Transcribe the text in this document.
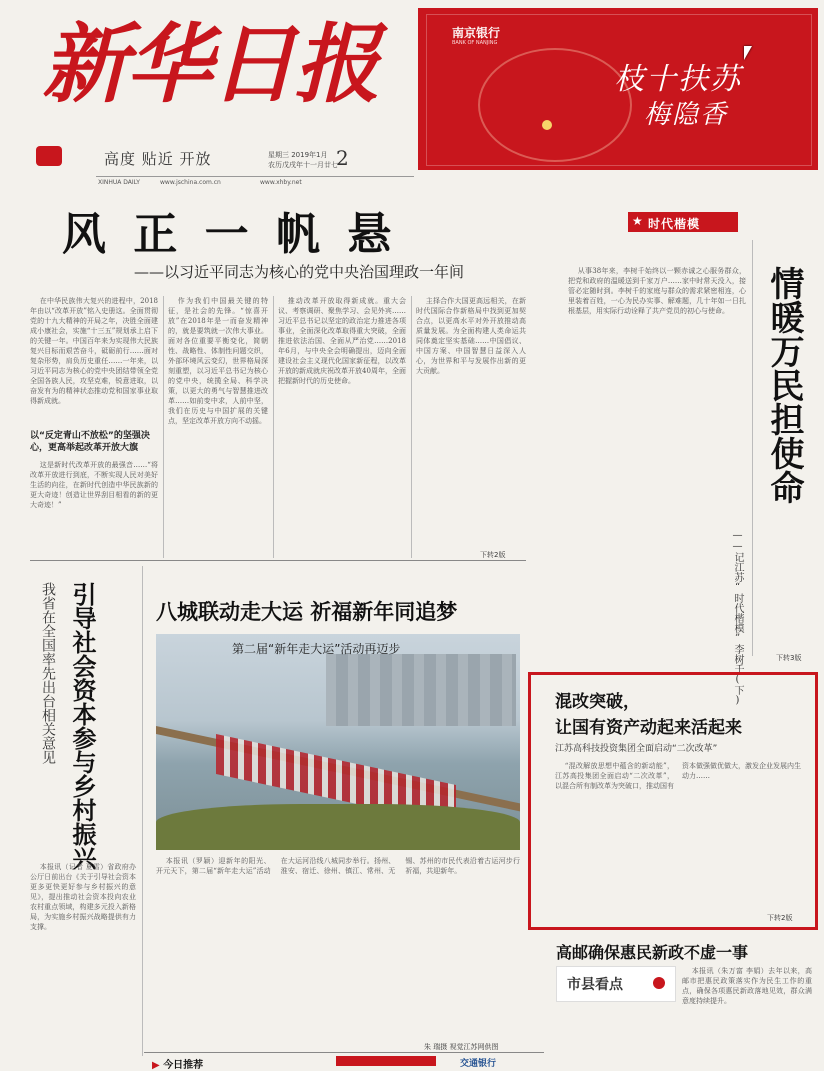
新华日报
高度 贴近 开放	星期三 2019年1月
农历戊戌年十一月廿七
2
XINHUA DAILY	www.jschina.com.cn	www.xhby.net
南京银行
BANK OF NANJING
枝十扶苏
梅隐香
风 正 一 帆 悬
——以习近平同志为核心的党中央治国理政一年间

在中华民族伟大复兴的进程中，2018年由以“改革开放”铭入史册这。全面贯彻党的十九大精神的开局之年，决胜全面建成小康社会，实施“十三五”规划承上启下的关键一年。中国百年来为实现伟大民族复兴目标而艰苦奋斗，砥砺前行……面对复杂形势，肩负历史重任……一年来，以习近平同志为核心的党中央团结带领全党全国各族人民，攻坚克难，锐意进取，以奋发有为的精神状态推动党和国家事业取得新成就。

以“反定青山不放松”的坚强决心，更高举起改革开放大旗

这是新时代改革开放的最强音……“将改革开放进行到底，不断实现人民对美好生活的向往，在新时代创造中华民族新的更大奇迹！创造让世界刮目相看的新的更大奇迹！”

作为我们中国最关键的特征，是社会的先锋。“惊喜开放”在2018年是一而奋发精神的，就是要筑就一次伟大事业。面对各位重要平衡变化，简朝性、战略性、体制性问题交织，外部环境风云变幻，世界格局深刻重塑，以习近平总书记为核心的党中央，统揽全局、科学决策，以更大的勇气与智慧推进改革……如前变中求，人前中坚，我们在历史与中国扩展的关键点，坚定改革开放方向不动摇。

推动改革开放取得新成就。重大会议、考察调研、聚焦学习、会见外宾……习近平总书记以坚定的政治定力推进各项事业，全面深化改革取得重大突破，全面推进依法治国、全面从严治党……2018年6月，与中央全会明确提出，迈向全面建设社会主义现代化国家新征程，以改革开放的新成就庆祝改革开放40周年，全面把握新时代的历史使命。

主择合作大国更高远相关，在新时代国际合作新格局中找到更加契合点，以更高水平对外开放推动高质量发展。为全面构建人类命运共同体奠定坚实基础……中国倡议、中国方案、中国智慧日益深入人心，为世界和平与发展作出新的更大贡献。

下转2版
★ 时代楷模

从事38年来，李树千始终以一颗赤诚之心服务群众，把党和政府的温暖送到千家万户……家中时常天没入，接管必定随时到。李树千的家庭与群众的需求紧密相连，心里装着百姓，一心为民办实事、解难题，几十年如一日扎根基层，用实际行动诠释了共产党员的初心与使命。	情暖万民担使命
——记江苏“时代楷模”李树千(下)	下转3版
引导社会资本参与乡村振兴
我省在全国率先出台相关意见

本报讯（记者 夏雪）省政府办公厅日前出台《关于引导社会资本更多更快更好参与乡村振兴的意见》，提出推动社会资本投向农业农村重点领域，构建多元投入新格局，为实施乡村振兴战略提供有力支撑。

八城联动走大运 祈福新年同追梦
第二届“新年走大运”活动再迈步

本报讯（罗颖）迎新年的阳光、开元天下，第二届“新年走大运”活动在大运河沿线八城同步举行。扬州、淮安、宿迁、徐州、镇江、常州、无锡、苏州的市民代表沿着古运河步行祈福，共迎新年。

朱 瑞摄 视觉江苏网供图
混改突破，
让国有资产动起来活起来
江苏高科技投资集团全面启动“二次改革”

“混改解放思想中蕴含的新动能”，江苏高投集团全面启动“二次改革”，以混合所有制改革为突破口，推动国有资本做强做优做大，激发企业发展内生动力……

下转2版
高邮确保惠民新政不虚一事
市县看点

本报讯（朱万富 李娟）去年以来，高邮市把惠民政策落实作为民生工作的重点，确保各项惠民新政落地见效，群众满意度持续提升。

▶ 今日推荐	交通银行
